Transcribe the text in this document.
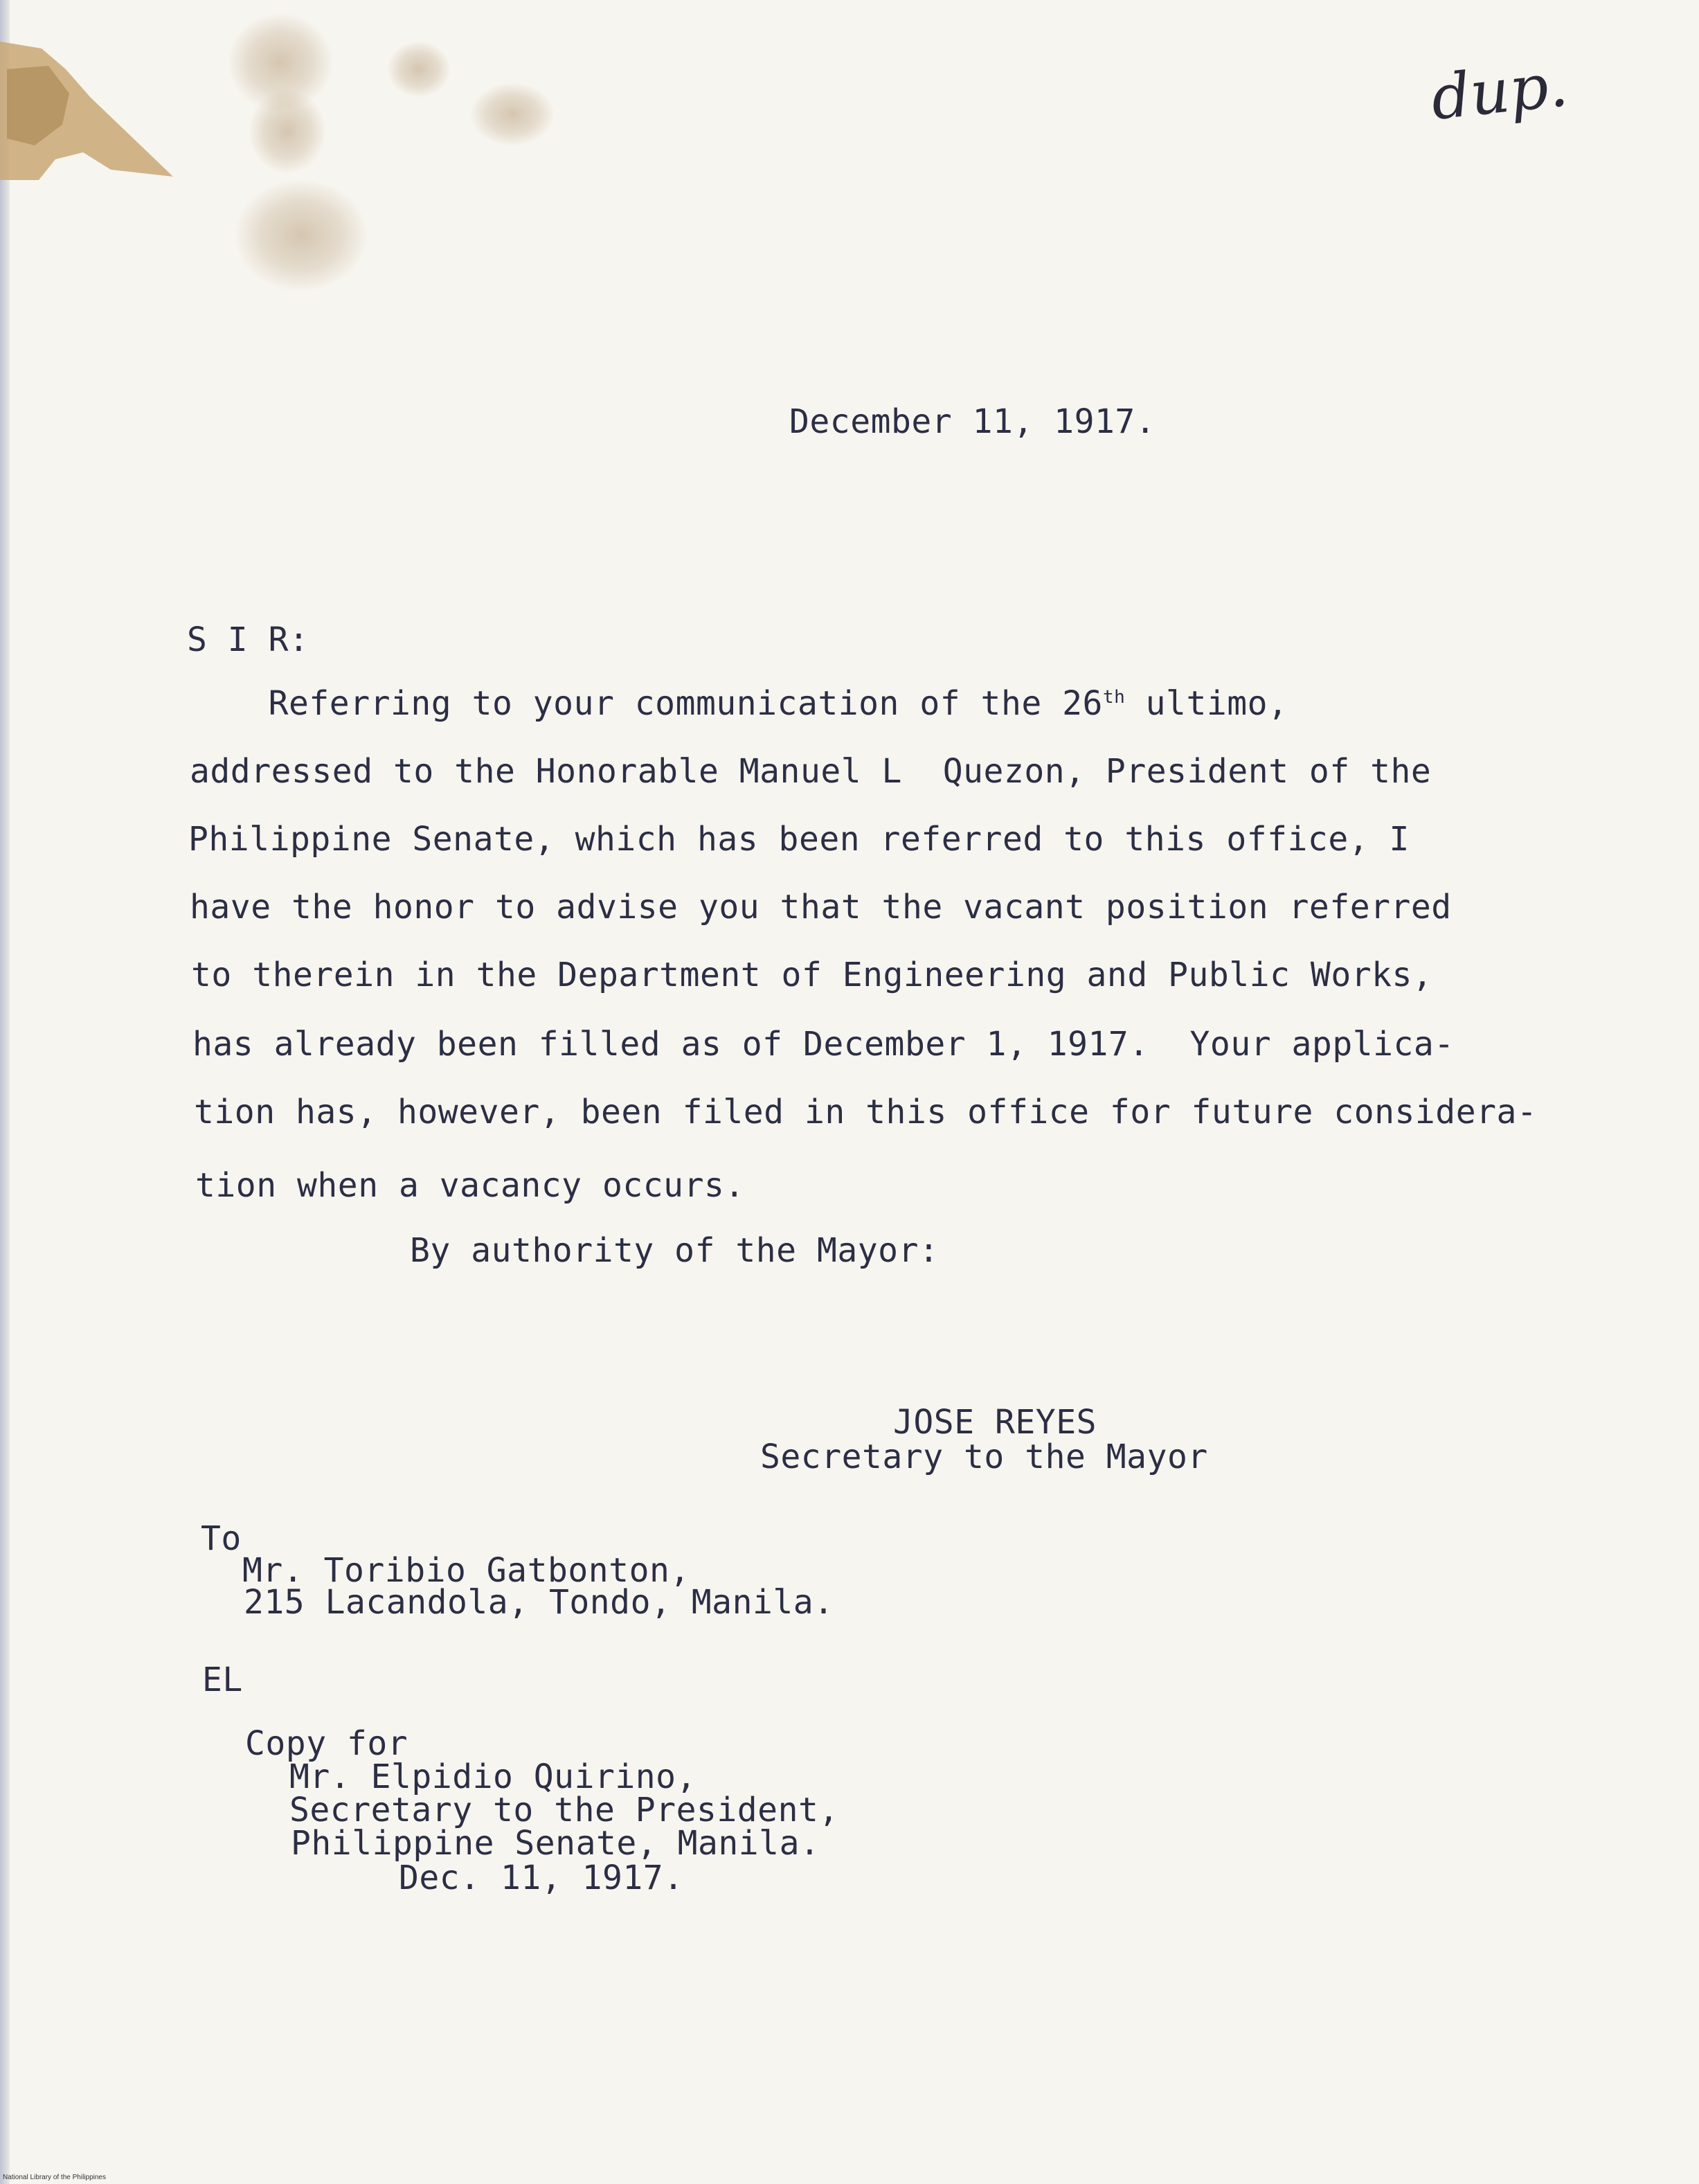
dup.
December 11, 1917.
S I R:
Referring to your communication of the 26th ultimo,
addressed to the Honorable Manuel L  Quezon, President of the
Philippine Senate, which has been referred to this office, I
have the honor to advise you that the vacant position referred
to therein in the Department of Engineering and Public Works,
has already been filled as of December 1, 1917.  Your applica-
tion has, however, been filed in this office for future considera-
tion when a vacancy occurs.
By authority of the Mayor:
JOSE REYES
Secretary to the Mayor
To
Mr. Toribio Gatbonton,
215 Lacandola, Tondo, Manila.
EL
Copy for
Mr. Elpidio Quirino,
Secretary to the President,
Philippine Senate, Manila.
Dec. 11, 1917.
National Library of the Philippines
